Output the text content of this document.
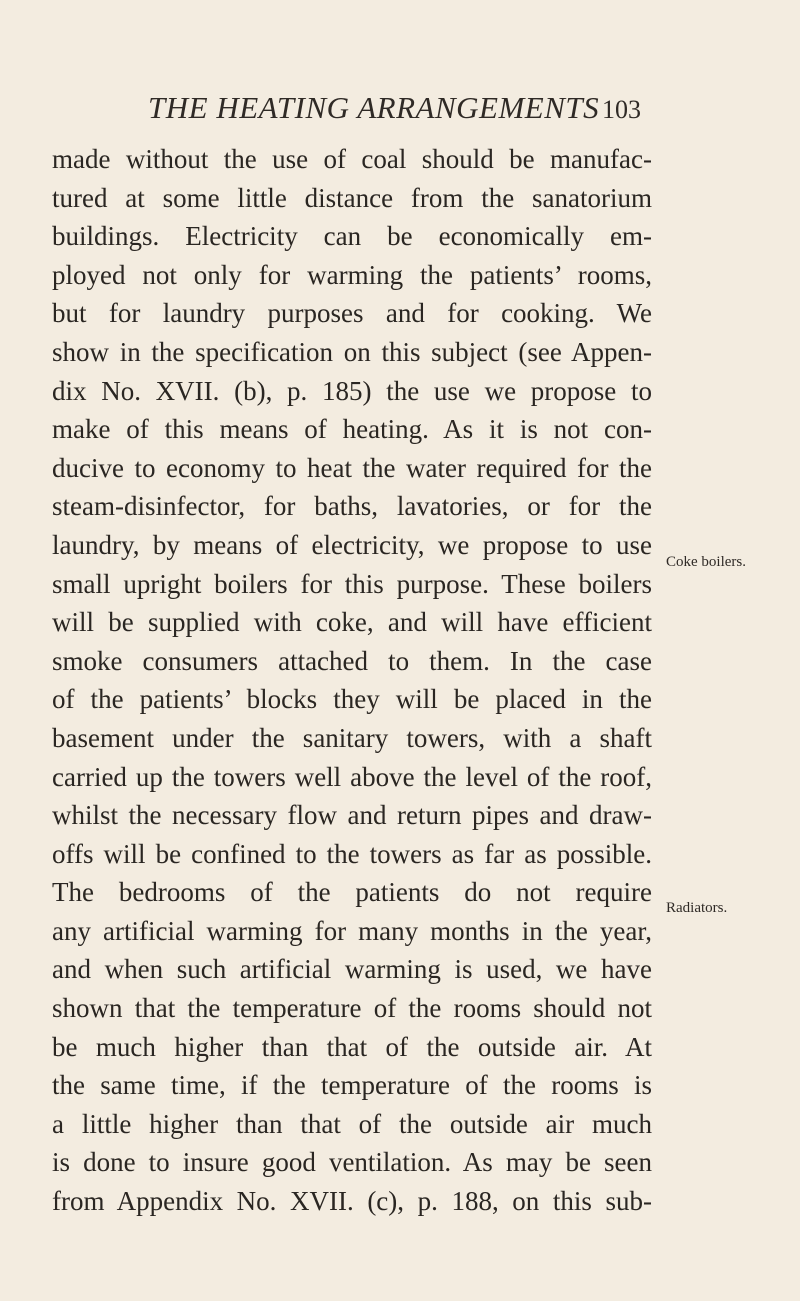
THE HEATING ARRANGEMENTS 103
made without the use of coal should be manufac-
tured at some little distance from the sanatorium
buildings. Electricity can be economically em-
ployed not only for warming the patients’ rooms,
but for laundry purposes and for cooking. We
show in the specification on this subject (see Appen-
dix No. XVII. (b), p. 185) the use we propose to
make of this means of heating. As it is not con-
ducive to economy to heat the water required for the
steam-disinfector, for baths, lavatories, or for the
laundry, by means of electricity, we propose to use
small upright boilers for this purpose. These boilers
will be supplied with coke, and will have efficient
smoke consumers attached to them. In the case
of the patients’ blocks they will be placed in the
basement under the sanitary towers, with a shaft
carried up the towers well above the level of the roof,
whilst the necessary flow and return pipes and draw-
offs will be confined to the towers as far as possible.
The bedrooms of the patients do not require
any artificial warming for many months in the year,
and when such artificial warming is used, we have
shown that the temperature of the rooms should not
be much higher than that of the outside air. At
the same time, if the temperature of the rooms is
a little higher than that of the outside air much
is done to insure good ventilation. As may be seen
from Appendix No. XVII. (c), p. 188, on this sub-
Coke boilers.
Radiators.
